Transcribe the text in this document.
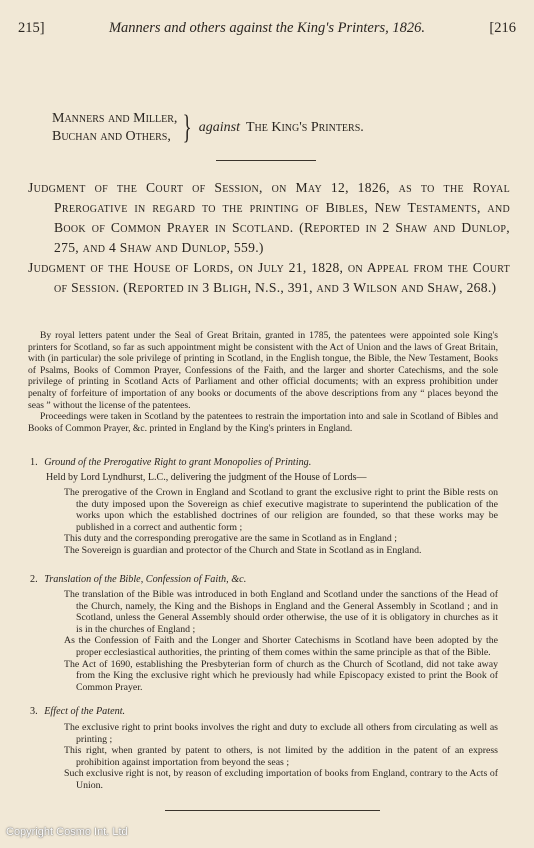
215]	Manners and others against the King's Printers, 1826.	[216
Manners and Miller,
Buchan and Others, } against The King's Printers.
Judgment of the Court of Session, on May 12, 1826, as to the Royal Prerogative in regard to the printing of Bibles, New Testaments, and Book of Common Prayer in Scotland. (Reported in 2 Shaw and Dunlop, 275, and 4 Shaw and Dunlop, 559.)
Judgment of the House of Lords, on July 21, 1828, on Appeal from the Court of Session. (Reported in 3 Bligh, N.S., 391, and 3 Wilson and Shaw, 268.)

By royal letters patent under the Seal of Great Britain, granted in 1785, the patentees were appointed sole King's printers for Scotland, so far as such appointment might be consistent with the Act of Union and the laws of Great Britain, with (in particular) the sole privilege of printing in Scotland, in the English tongue, the Bible, the New Testament, Books of Psalms, Books of Common Prayer, Confessions of the Faith, and the larger and shorter Catechisms, and the sole privilege of printing in Scotland Acts of Parliament and other official documents; with an express prohibition under penalty of forfeiture of importation of any books or documents of the above descriptions from any “ places beyond the seas ” without the license of the patentees.

Proceedings were taken in Scotland by the patentees to restrain the importation into and sale in Scotland of Bibles and Books of Common Prayer, &c. printed in England by the King's printers in England.

1. Ground of the Prerogative Right to grant Monopolies of Printing.
Held by Lord Lyndhurst, L.C., delivering the judgment of the House of Lords—

The prerogative of the Crown in England and Scotland to grant the exclusive right to print the Bible rests on the duty imposed upon the Sovereign as chief executive magistrate to superintend the publication of the works upon which the established doctrines of our religion are founded, so that these works may be published in a correct and authentic form ;

This duty and the corresponding prerogative are the same in Scotland as in England ;

The Sovereign is guardian and protector of the Church and State in Scotland as in England.

2. Translation of the Bible, Confession of Faith, &c.

The translation of the Bible was introduced in both England and Scotland under the sanctions of the Head of the Church, namely, the King and the Bishops in England and the General Assembly in Scotland ; and in Scotland, unless the General Assembly should order otherwise, the use of it is obligatory in churches as it is in the churches of England ;

As the Confession of Faith and the Longer and Shorter Catechisms in Scotland have been adopted by the proper ecclesiastical authorities, the printing of them comes within the same principle as that of the Bible.

The Act of 1690, establishing the Presbyterian form of church as the Church of Scotland, did not take away from the King the exclusive right which he previously had while Episcopacy existed to print the Book of Common Prayer.

3. Effect of the Patent.

The exclusive right to print books involves the right and duty to exclude all others from circulating as well as printing ;

This right, when granted by patent to others, is not limited by the addition in the patent of an express prohibition against importation from beyond the seas ;

Such exclusive right is not, by reason of excluding importation of books from England, contrary to the Acts of Union.

Copyright Cosmo Int. Ltd
